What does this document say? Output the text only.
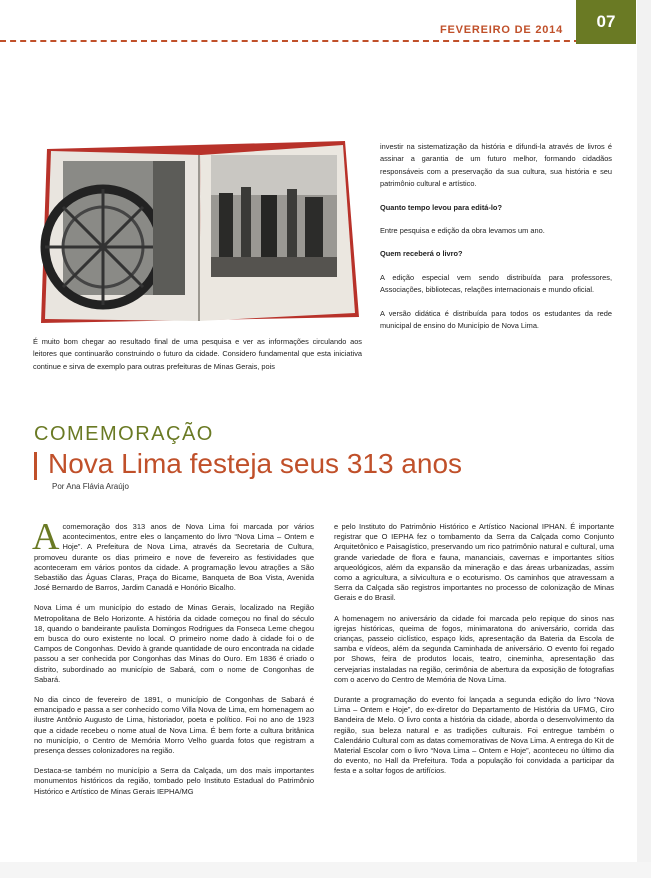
FEVEREIRO DE 2014	07
É muito bom chegar ao resultado final de uma pesquisa e ver as informações circulando aos leitores que continuarão construindo o futuro da cidade. Considero fundamental que esta iniciativa continue e sirva de exemplo para outras prefeituras de Minas Gerais, pois

investir na sistematização da história e difundi-la através de livros é assinar a garantia de um futuro melhor, formando cidadãos responsáveis com a preservação da sua cultura, sua história e seu patrimônio cultural e artístico.

Quanto tempo levou para editá-lo?

Entre pesquisa e edição da obra levamos um ano.

Quem receberá o livro?

A edição especial vem sendo distribuída para professores, Associações, bibliotecas, relações internacionais e mundo oficial.

A versão didática é distribuída para todos os estudantes da rede municipal de ensino do Município de Nova Lima.

COMEMORAÇÃO
Nova Lima festeja seus 313 anos
Por Ana Flávia Araújo

Acomemoração dos 313 anos de Nova Lima foi marcada por vários acontecimentos, entre eles o lançamento do livro “Nova Lima – Ontem e Hoje”. A Prefeitura de Nova Lima, através da Secretaria de Cultura, promoveu durante os dias primeiro e nove de fevereiro as festividades que aconteceram em vários pontos da cidade. A programação levou atrações a São Sebastião das Águas Claras, Praça do Bicame, Banqueta de Boa Vista, Avenida José Bernardo de Barros, Jardim Canadá e Honório Bicalho.

Nova Lima é um município do estado de Minas Gerais, localizado na Região Metropolitana de Belo Horizonte. A história da cidade começou no final do século 18, quando o bandeirante paulista Domingos Rodrigues da Fonseca Leme chegou em busca do ouro existente no local. O primeiro nome dado à cidade foi o de Campos de Congonhas. Devido à grande quantidade de ouro encontrada na cidade passou a ser conhecida por Congonhas das Minas do Ouro. Em 1836 é criado o distrito, subordinado ao município de Sabará, com o nome de Congonhas de Sabará.

No dia cinco de fevereiro de 1891, o município de Congonhas de Sabará é emancipado e passa a ser conhecido como Villa Nova de Lima, em homenagem ao ilustre Antônio Augusto de Lima, historiador, poeta e político. Foi no ano de 1923 que a cidade recebeu o nome atual de Nova Lima. É bem forte a cultura britânica no município, o Centro de Memória Morro Velho guarda fotos que registram a presença desses colonizadores na região.

Destaca-se também no município a Serra da Calçada, um dos mais importantes monumentos históricos da região, tombado pelo Instituto Estadual do Patrimônio Histórico e Artístico de Minas Gerais IEPHA/MG

e pelo Instituto do Patrimônio Histórico e Artístico Nacional IPHAN. É importante registrar que O IEPHA fez o tombamento da Serra da Calçada como Conjunto Arquitetônico e Paisagístico, preservando um rico patrimônio natural e cultural, uma grande variedade de flora e fauna, mananciais, cavernas e importantes sítios arqueológicos, além da expansão da mineração e das áreas urbanizadas, assim como a agricultura, a silvicultura e o ecoturismo. Os caminhos que atravessam a Serra da Calçada são registros importantes no processo de colonização de Minas Gerais e do Brasil.

A homenagem no aniversário da cidade foi marcada pelo repique do sinos nas igrejas históricas, queima de fogos, minimaratona do aniversário, corrida das crianças, passeio ciclístico, espaço kids, apresentação da Bateria da Escola de samba e vídeos, além da segunda Caminhada de aniversário. O evento foi regado por Shows, feira de produtos locais, teatro, cineminha, apresentação das cervejarias instaladas na região, cerimônia de abertura da exposição de fotografias com o acervo do Centro de Memória de Nova Lima.

Durante a programação do evento foi lançada a segunda edição do livro “Nova Lima – Ontem e Hoje”, do ex-diretor do Departamento de História da UFMG, Ciro Bandeira de Melo. O livro conta a história da cidade, aborda o desenvolvimento da região, sua beleza natural e as tradições culturais. Foi entregue também o Calendário Cultural com as datas comemorativas de Nova Lima. A entrega do Kit de Material Escolar com o livro “Nova Lima – Ontem e Hoje”, aconteceu no último dia do evento, no Hall da Prefeitura. Toda a população foi convidada a participar da festa e a soltar fogos de artifícios.
